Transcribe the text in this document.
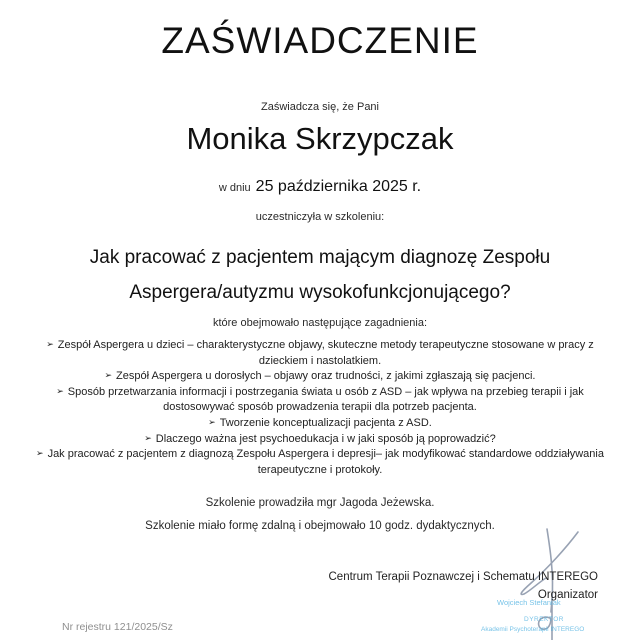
ZAŚWIADCZENIE
Zaświadcza się, że Pani
Monika Skrzypczak
w dniu 25 października 2025 r.
uczestniczyła w szkoleniu:
Jak pracować z pacjentem mającym diagnozę Zespołu Aspergera/autyzmu wysokofunkcjonującego?
które obejmowało następujące zagadnienia:
➢ Zespół Aspergera u dzieci – charakterystyczne objawy, skuteczne metody terapeutyczne stosowane w pracy z dzieckiem i nastolatkiem.
➢ Zespół Aspergera u dorosłych – objawy oraz trudności, z jakimi zgłaszają się pacjenci.
➢ Sposób przetwarzania informacji i postrzegania świata u osób z ASD – jak wpływa na przebieg terapii i jak dostosowywać sposób prowadzenia terapii dla potrzeb pacjenta.
➢ Tworzenie konceptualizacji pacjenta z ASD.
➢ Dlaczego ważna jest psychoedukacja i w jaki sposób ją poprowadzić?
➢ Jak pracować z pacjentem z diagnozą Zespołu Aspergera i depresji– jak modyfikować standardowe oddziaływania terapeutyczne i protokoły.
Szkolenie prowadziła mgr Jagoda Jeżewska.
Szkolenie miało formę zdalną i obejmowało 10 godz. dydaktycznych.
Centrum Terapii Poznawczej i Schematu INTEREGO
Organizator
Wojciech Stefaniak
DYREKTOR
Akademii Psychoterapii INTEREGO
Nr rejestru 121/2025/Sz
